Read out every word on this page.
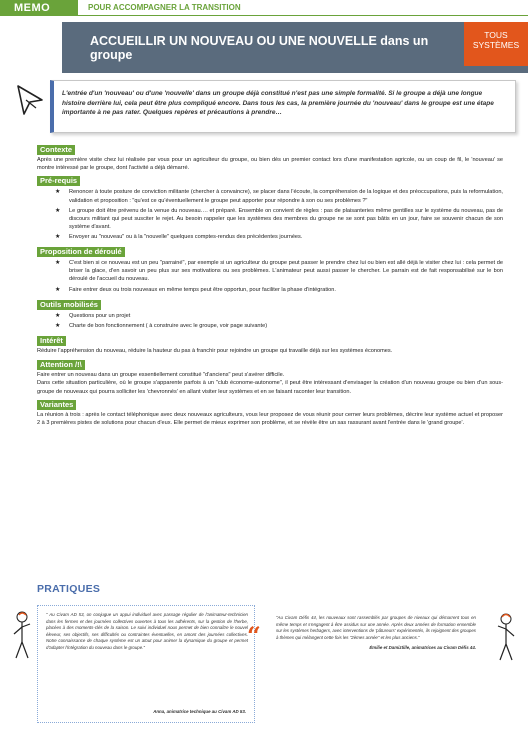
MEMO	POUR ACCOMPAGNER LA TRANSITION
ACCUEILLIR UN NOUVEAU OU UNE NOUVELLE dans un groupe
TOUS SYSTÈMES
L'entrée d'un 'nouveau' ou d'une 'nouvelle' dans un groupe déjà constitué n'est pas une simple formalité. Si le groupe a déjà une longue histoire derrière lui, cela peut être plus compliqué encore. Dans tous les cas, la première journée du 'nouveau' dans le groupe est une étape importante à ne pas rater. Quelques repères et précautions à prendre…
Contexte
Après une première visite chez lui réalisée par vous pour un agriculteur du groupe, ou bien dès un premier contact lors d'une manifestation agricole, ou un coup de fil, le 'nouveau' se montre intéressé par le groupe, dont l'activité a déjà démarré.
Pré-requis
★ Renoncer à toute posture de conviction militante (chercher à convaincre), se placer dans l'écoute, la compréhension de la logique et des préoccupations, puis la reformulation, validation et proposition : "qu'est ce qu'éventuellement le groupe peut apporter pour répondre à son ou ses problèmes ?"
★ Le groupe doit être prévenu de la venue du nouveau…. et préparé. Ensemble on convient de règles : pas de plaisanteries même gentilles sur le système du nouveau, pas de discours militant qui peut susciter le rejet. Au besoin rappeler que les systèmes des membres du groupe ne se sont pas bâtis en un jour, faire se souvenir chacun de son système d'avant.
★ Envoyer au "nouveau" ou à la "nouvelle" quelques comptes-rendus des précédentes journées.
Proposition de déroulé
★ C'est bien si ce nouveau est un peu "parrainé", par exemple si un agriculteur du groupe peut passer le prendre chez lui ou bien est allé déjà le visiter chez lui : cela permet de briser la glace, d'en savoir un peu plus sur ses motivations ou ses problèmes. L'animateur peut aussi passer le chercher. Le parrain est de fait responsabilisé sur le bon déroulé de l'accueil du nouveau.
★ Faire entrer deux ou trois nouveaux en même temps peut être opportun, pour faciliter la phase d'intégration.
Outils mobilisés
★ Questions pour un projet
★ Charte de bon fonctionnement ( à construire avec le groupe, voir page suivante)
Intérêt
Réduire l'appréhension du nouveau, réduire la hauteur du pas à franchir pour rejoindre un groupe qui travaille déjà sur les systèmes économes.
Attention /!\

Faire entrer un nouveau dans un groupe essentiellement constitué "d'anciens" peut s'avérer difficile.

Dans cette situation particulière, où le groupe s'apparente parfois à un "club économe-autonome", il peut être intéressant d'envisager la création d'un nouveau groupe ou bien d'un sous-groupe de nouveaux qui pourra solliciter les 'chevronnés' en allant visiter leur systèmes et en se faisant raconter leur transition.

Variantes
La réunion à trois : après le contact téléphonique avec deux nouveaux agriculteurs, vous leur proposez de vous réunir pour cerner leurs problèmes, décrire leur système actuel et proposer 2 à 3 premières pistes de solutions pour chacun d'eux. Elle permet de mieux exprimer son problème, et se révèle être un sas rassurant avant l'entrée dans le 'grand groupe'.
PRATIQUES
" Au Civam AD 53, on conjugue un appui individuel avec passage régulier de l'animateur-technicien dans les fermes et des journées collectives ouvertes à tous les adhérents, sur la gestion de l'herbe, placées à des moments-clés de la saison. Le suivi individuel nous permet de bien connaître le nouvel éleveur, ses objectifs, ses difficultés ou contraintes éventuelles, en amont des journées collectives. Notre connaissance de chaque système est un atout pour animer la dynamique du groupe et permet d'adapter l'intégration du nouveau dans le groupe."
Anna, animatrice technique au Civam AD 53.
“
"Au Civam Défis 44, les nouveaux sont rassemblés par groupes de niveaux qui démarrent tous en même temps et s'engagent à être assidus sur une année. Après deux années de formation ensemble sur les systèmes herbagers, avec interventions de 'pâtureurs' expérimentés, ils rejoignent des groupes à thèmes qui mélangent cette fois les "2èmes année" et les plus anciens."
Émilie et Damiztille, animatrices au Civam Défis 44.
